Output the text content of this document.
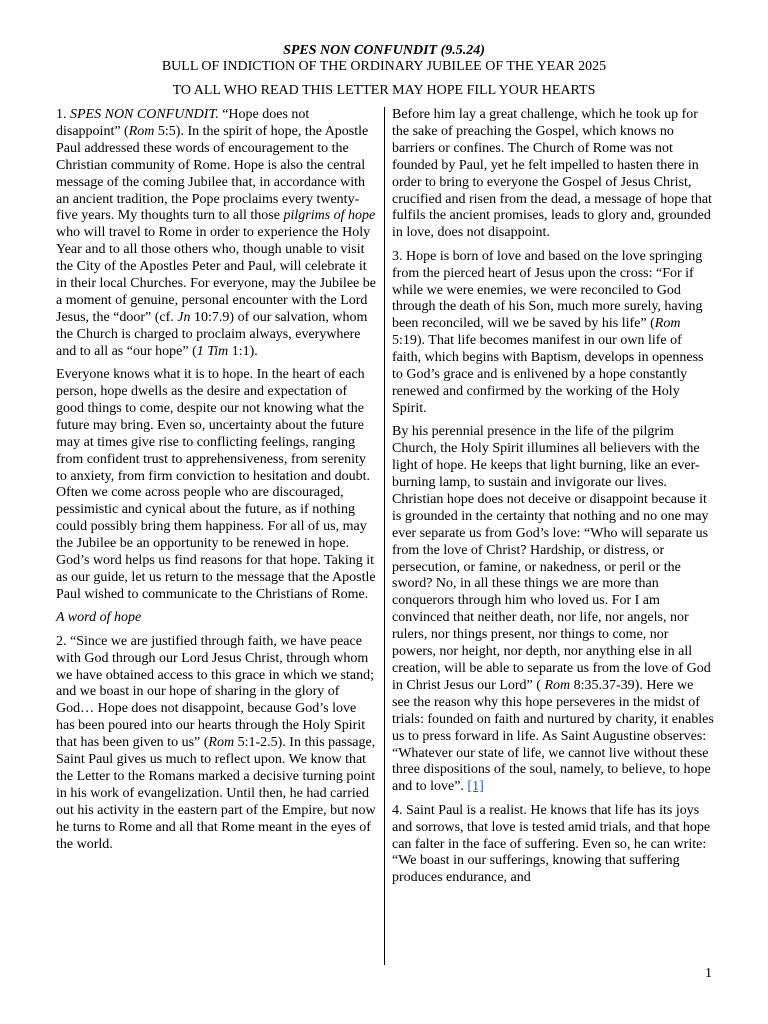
SPES NON CONFUNDIT (9.5.24)
BULL OF INDICTION OF THE ORDINARY JUBILEE OF THE YEAR 2025
TO ALL WHO READ THIS LETTER MAY HOPE FILL YOUR HEARTS

1. SPES NON CONFUNDIT. “Hope does not disappoint” (Rom 5:5). In the spirit of hope, the Apostle Paul addressed these words of encouragement to the Christian community of Rome. Hope is also the central message of the coming Jubilee that, in accordance with an ancient tradition, the Pope proclaims every twenty-five years. My thoughts turn to all those pilgrims of hope who will travel to Rome in order to experience the Holy Year and to all those others who, though unable to visit the City of the Apostles Peter and Paul, will celebrate it in their local Churches. For everyone, may the Jubilee be a moment of genuine, personal encounter with the Lord Jesus, the “door” (cf. Jn 10:7.9) of our salvation, whom the Church is charged to proclaim always, everywhere and to all as “our hope” (1 Tim 1:1).

Everyone knows what it is to hope. In the heart of each person, hope dwells as the desire and expectation of good things to come, despite our not knowing what the future may bring. Even so, uncertainty about the future may at times give rise to conflicting feelings, ranging from confident trust to apprehensiveness, from serenity to anxiety, from firm conviction to hesitation and doubt. Often we come across people who are discouraged, pessimistic and cynical about the future, as if nothing could possibly bring them happiness. For all of us, may the Jubilee be an opportunity to be renewed in hope. God’s word helps us find reasons for that hope. Taking it as our guide, let us return to the message that the Apostle Paul wished to communicate to the Christians of Rome.

A word of hope

2. “Since we are justified through faith, we have peace with God through our Lord Jesus Christ, through whom we have obtained access to this grace in which we stand; and we boast in our hope of sharing in the glory of God… Hope does not disappoint, because God’s love has been poured into our hearts through the Holy Spirit that has been given to us” (Rom 5:1-2.5). In this passage, Saint Paul gives us much to reflect upon. We know that the Letter to the Romans marked a decisive turning point in his work of evangelization. Until then, he had carried out his activity in the eastern part of the Empire, but now he turns to Rome and all that Rome meant in the eyes of the world.

Before him lay a great challenge, which he took up for the sake of preaching the Gospel, which knows no barriers or confines. The Church of Rome was not founded by Paul, yet he felt impelled to hasten there in order to bring to everyone the Gospel of Jesus Christ, crucified and risen from the dead, a message of hope that fulfils the ancient promises, leads to glory and, grounded in love, does not disappoint.

3. Hope is born of love and based on the love springing from the pierced heart of Jesus upon the cross: “For if while we were enemies, we were reconciled to God through the death of his Son, much more surely, having been reconciled, will we be saved by his life” (Rom 5:19). That life becomes manifest in our own life of faith, which begins with Baptism, develops in openness to God’s grace and is enlivened by a hope constantly renewed and confirmed by the working of the Holy Spirit.

By his perennial presence in the life of the pilgrim Church, the Holy Spirit illumines all believers with the light of hope. He keeps that light burning, like an ever-burning lamp, to sustain and invigorate our lives. Christian hope does not deceive or disappoint because it is grounded in the certainty that nothing and no one may ever separate us from God’s love: “Who will separate us from the love of Christ? Hardship, or distress, or persecution, or famine, or nakedness, or peril or the sword? No, in all these things we are more than conquerors through him who loved us. For I am convinced that neither death, nor life, nor angels, nor rulers, nor things present, nor things to come, nor powers, nor height, nor depth, nor anything else in all creation, will be able to separate us from the love of God in Christ Jesus our Lord” ( Rom 8:35.37-39). Here we see the reason why this hope perseveres in the midst of trials: founded on faith and nurtured by charity, it enables us to press forward in life. As Saint Augustine observes: “Whatever our state of life, we cannot live without these three dispositions of the soul, namely, to believe, to hope and to love”. [1]

4. Saint Paul is a realist. He knows that life has its joys and sorrows, that love is tested amid trials, and that hope can falter in the face of suffering. Even so, he can write: “We boast in our sufferings, knowing that suffering produces endurance, and

1
